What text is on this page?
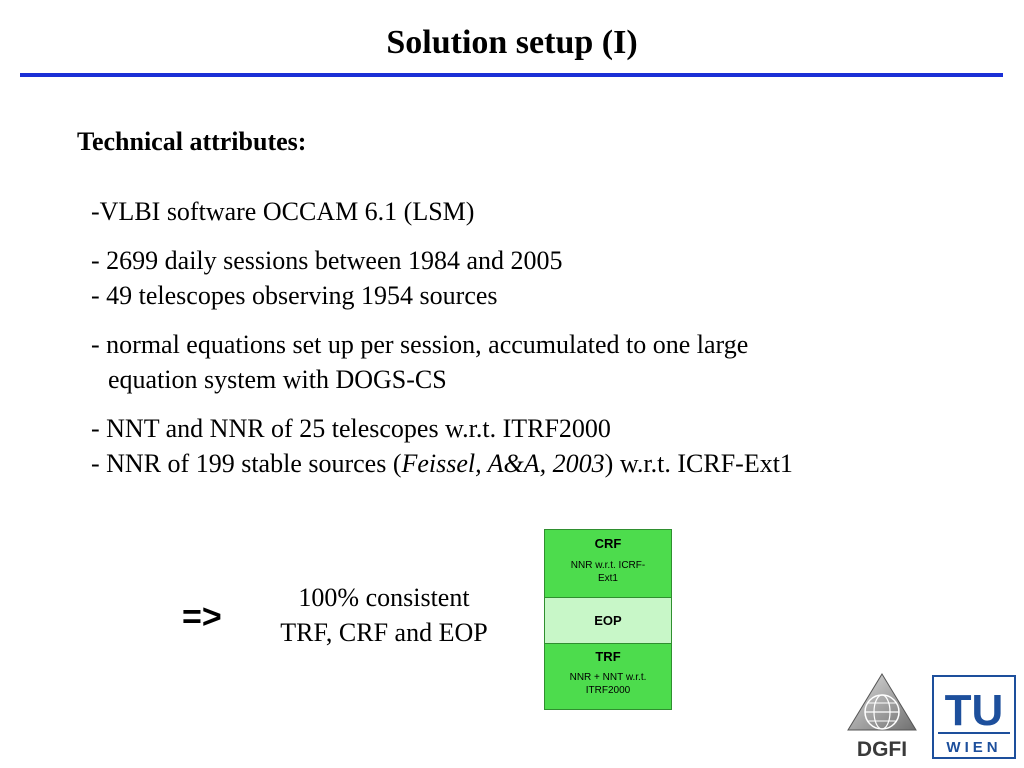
Solution setup (I)
Technical attributes:
-VLBI software OCCAM 6.1 (LSM)
- 2699 daily sessions between 1984 and 2005
- 49 telescopes observing 1954 sources
- normal equations set up per session, accumulated to one large
equation system with DOGS-CS
- NNT and NNR of 25 telescopes w.r.t. ITRF2000
- NNR of 199 stable sources (Feissel, A&A, 2003) w.r.t. ICRF-Ext1
=>
100% consistent
TRF, CRF and EOP
CRF
NNR w.r.t. ICRF-
Ext1
EOP
TRF
NNR + NNT w.r.t.
ITRF2000
DGFI
TU
WIEN
